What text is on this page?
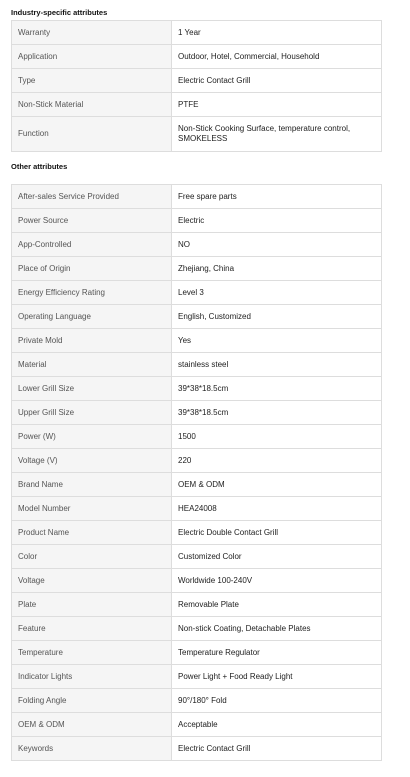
Industry-specific attributes
Warranty	1 Year
Application	Outdoor, Hotel, Commercial, Household
Type	Electric Contact Grill
Non-Stick Material	PTFE
Function	Non-Stick Cooking Surface, temperature control, SMOKELESS
Other attributes
After-sales Service Provided	Free spare parts
Power Source	Electric
App-Controlled	NO
Place of Origin	Zhejiang, China
Energy Efficiency Rating	Level 3
Operating Language	English, Customized
Private Mold	Yes
Material	stainless steel
Lower Grill Size	39*38*18.5cm
Upper Grill Size	39*38*18.5cm
Power (W)	1500
Voltage (V)	220
Brand Name	OEM & ODM
Model Number	HEA24008
Product Name	Electric Double Contact Grill
Color	Customized Color
Voltage	Worldwide 100-240V
Plate	Removable Plate
Feature	Non-stick Coating, Detachable Plates
Temperature	Temperature Regulator
Indicator Lights	Power Light + Food Ready Light
Folding Angle	90°/180° Fold
OEM & ODM	Acceptable
Keywords	Electric Contact Grill
